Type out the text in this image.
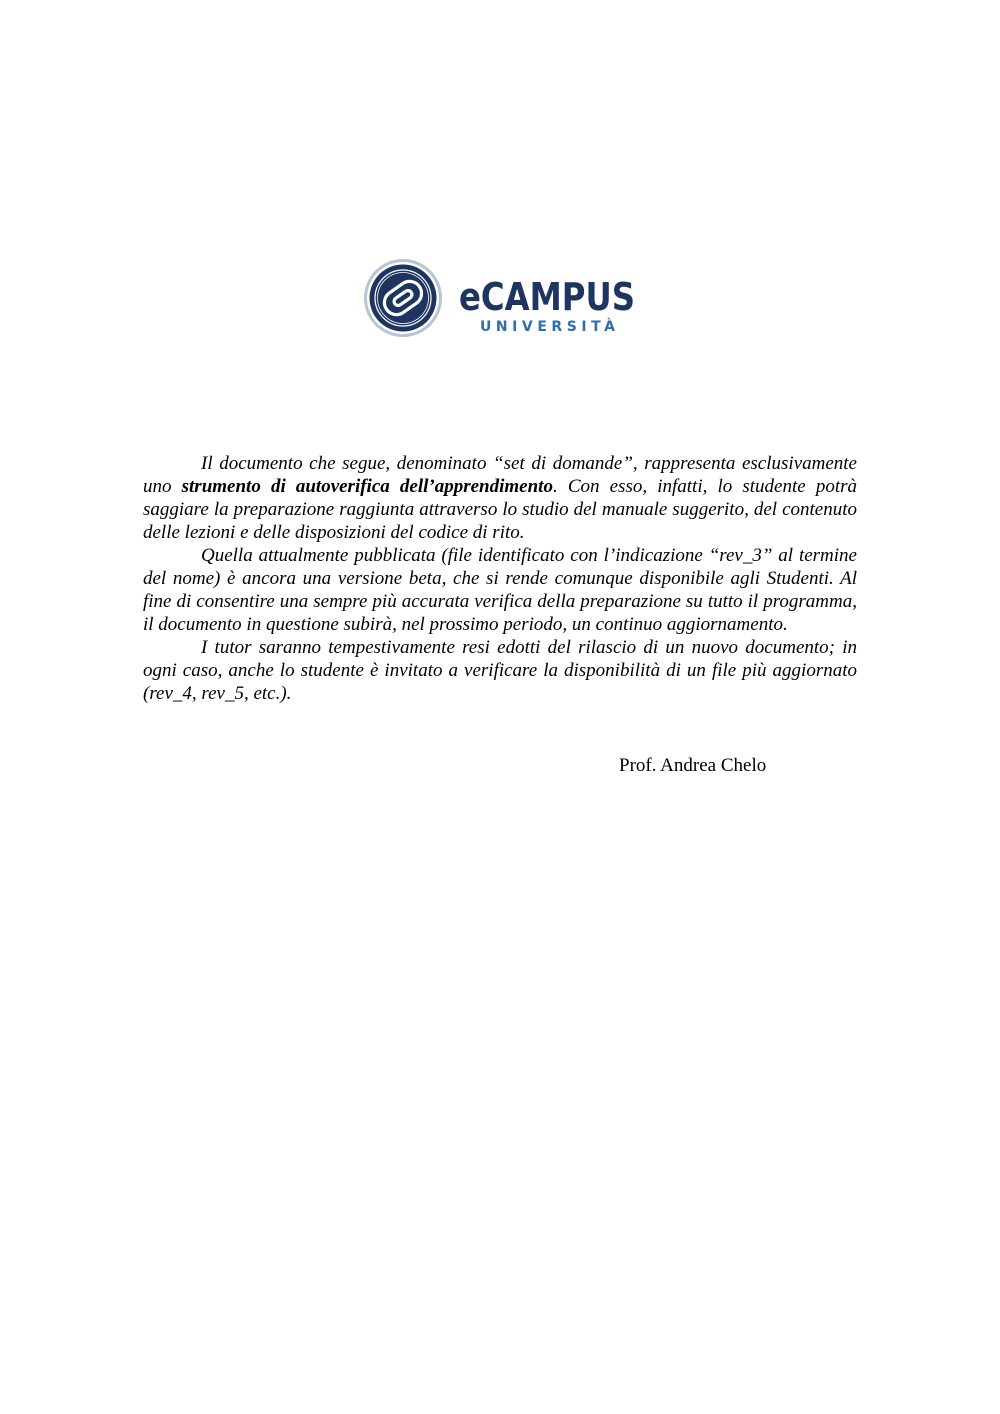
eCAMPUS
UNIVERSITÀ

Il documento che segue, denominato “set di domande”, rappresenta esclusivamente uno strumento di autoverifica dell’apprendimento. Con esso, infatti, lo studente potrà saggiare la preparazione raggiunta attraverso lo studio del manuale suggerito, del contenuto delle lezioni e delle disposizioni del codice di rito.

Quella attualmente pubblicata (file identificato con l’indicazione “rev_3” al termine del nome) è ancora una versione beta, che si rende comunque disponibile agli Studenti. Al fine di consentire una sempre più accurata verifica della preparazione su tutto il programma, il documento in questione subirà, nel prossimo periodo, un continuo aggiornamento.

I tutor saranno tempestivamente resi edotti del rilascio di un nuovo documento; in ogni caso, anche lo studente è invitato a verificare la disponibilità di un file più aggiornato (rev_4, rev_5, etc.).

Prof. Andrea Chelo
